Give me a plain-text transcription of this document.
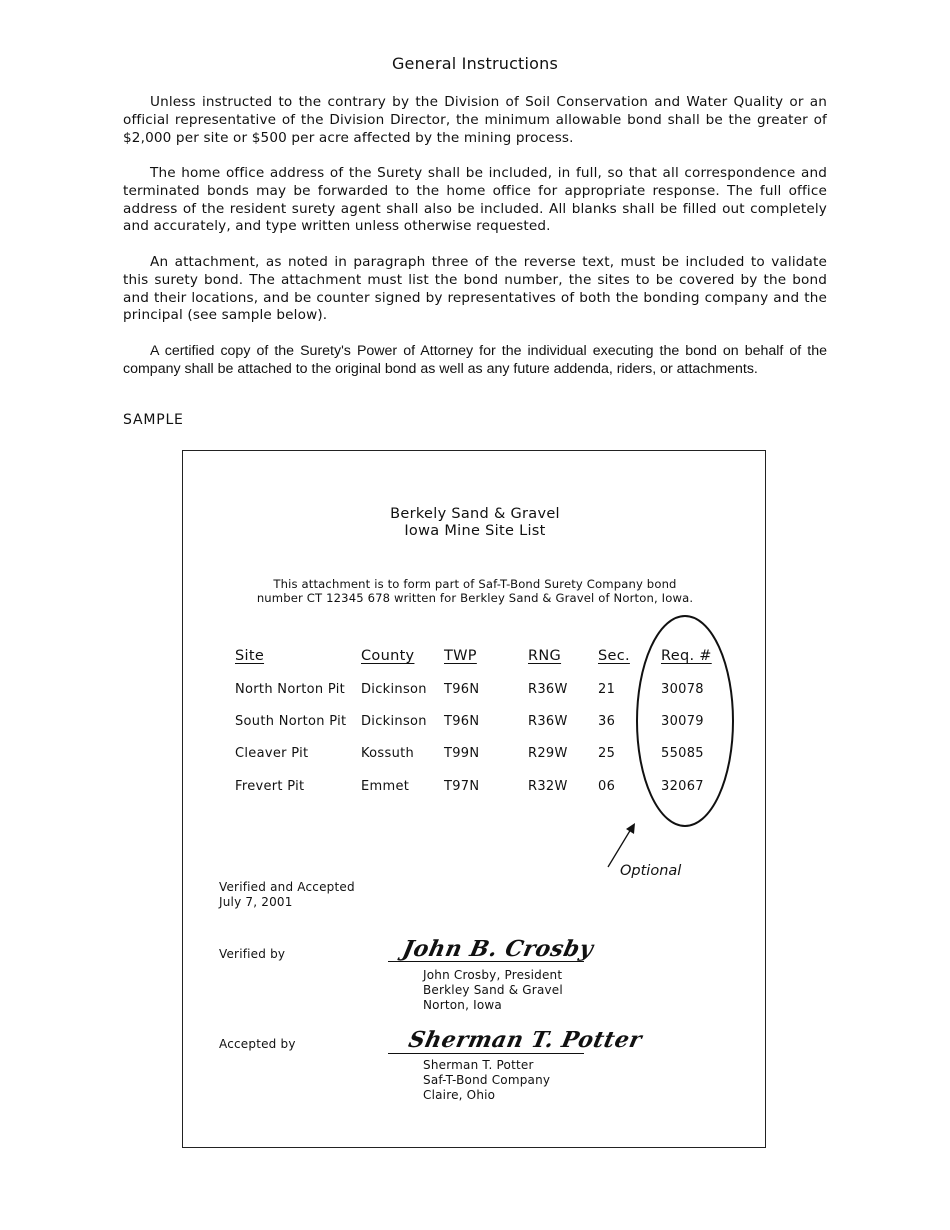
General Instructions

Unless instructed to the contrary by the Division of Soil Conservation and Water Quality or an official representative of the Division Director, the minimum allowable bond shall be the greater of $2,000 per site or $500 per acre affected by the mining process.

The home office address of the Surety shall be included, in full, so that all correspondence and terminated bonds may be forwarded to the home office for appropriate response. The full office address of the resident surety agent shall also be included. All blanks shall be filled out completely and accurately, and type written unless otherwise requested.

An attachment, as noted in paragraph three of the reverse text, must be included to validate this surety bond. The attachment must list the bond number, the sites to be covered by the bond and their locations, and be counter signed by representatives of both the bonding company and the principal (see sample below).

A certified copy of the Surety's Power of Attorney for the individual executing the bond on behalf of the company shall be attached to the original bond as well as any future addenda, riders, or attachments.

SAMPLE
Berkely Sand & Gravel
Iowa Mine Site List
This attachment is to form part of Saf-T-Bond Surety Company bond
number CT 12345 678 written for Berkley Sand & Gravel of Norton, Iowa.
Site	County TWP	RNG	Sec. Req. #
North Norton Pit Dickinson T96N	R36W 21	30078
South Norton Pit Dickinson T96N	R36W 36	30079
Cleaver Pit	Kossuth T99N	R29W 25	55085
Frevert Pit	Emmet	T97N	R32W 06	32067
Optional
Verified and Accepted
July 7, 2001
Verified by	John B. Crosby
John Crosby, President
Berkley Sand & Gravel
Norton, Iowa
Accepted by	Sherman T. Potter
Sherman T. Potter
Saf-T-Bond Company
Claire, Ohio
